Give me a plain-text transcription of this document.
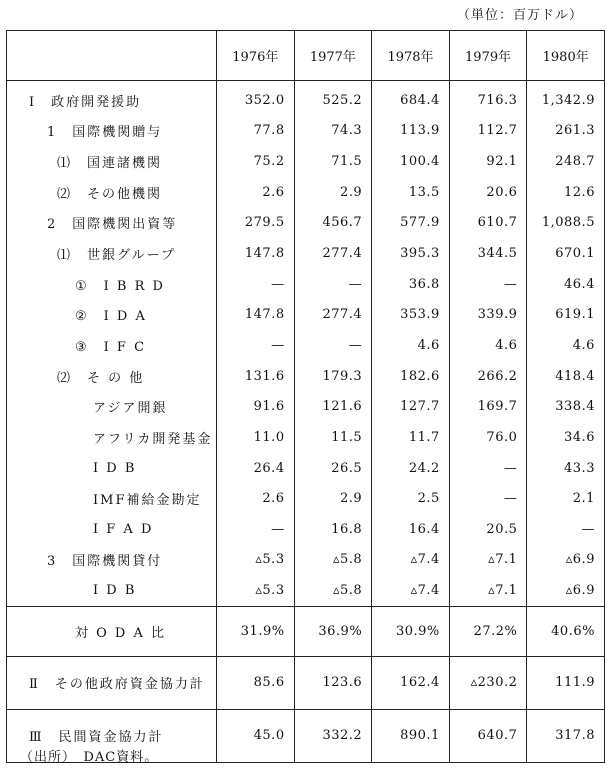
（単位：百万ドル）
	1976年	1977年	1978年	1979年	1980年
Ⅰ　政府開発援助	352.0	525.2	684.4	716.3	1,342.9
1　国際機関贈与	77.8	74.3	113.9	112.7	261.3
⑴　国連諸機関	75.2	71.5	100.4	92.1	248.7
⑵　その他機関	2.6	2.9	13.5	20.6	12.6
2　国際機関出資等	279.5	456.7	577.9	610.7	1,088.5
⑴　世銀グループ	147.8	277.4	395.3	344.5	670.1
①　I B R D	—	—	36.8	—	46.4
②　I D A	147.8	277.4	353.9	339.9	619.1
③　I F C	—	—	4.6	4.6	4.6
⑵　そ の 他	131.6	179.3	182.6	266.2	418.4
アジア開銀	91.6	121.6	127.7	169.7	338.4
アフリカ開発基金	11.0	11.5	11.7	76.0	34.6
I D B	26.4	26.5	24.2	—	43.3
IMF補給金勘定	2.6	2.9	2.5	—	2.1
I F A D	—	16.8	16.4	20.5	—
3　国際機関貸付	▵5.3	▵5.8	▵7.4	▵7.1	▵6.9
I D B	▵5.3	▵5.8	▵7.4	▵7.1	▵6.9
対 O D A 比	31.9%	36.9%	30.9%	27.2%	40.6%
Ⅱ　その他政府資金協力計	85.6	123.6	162.4	▵230.2	111.9
Ⅲ　民間資金協力計	45.0	332.2	890.1	640.7	317.8
（出所）　DAC資料。
